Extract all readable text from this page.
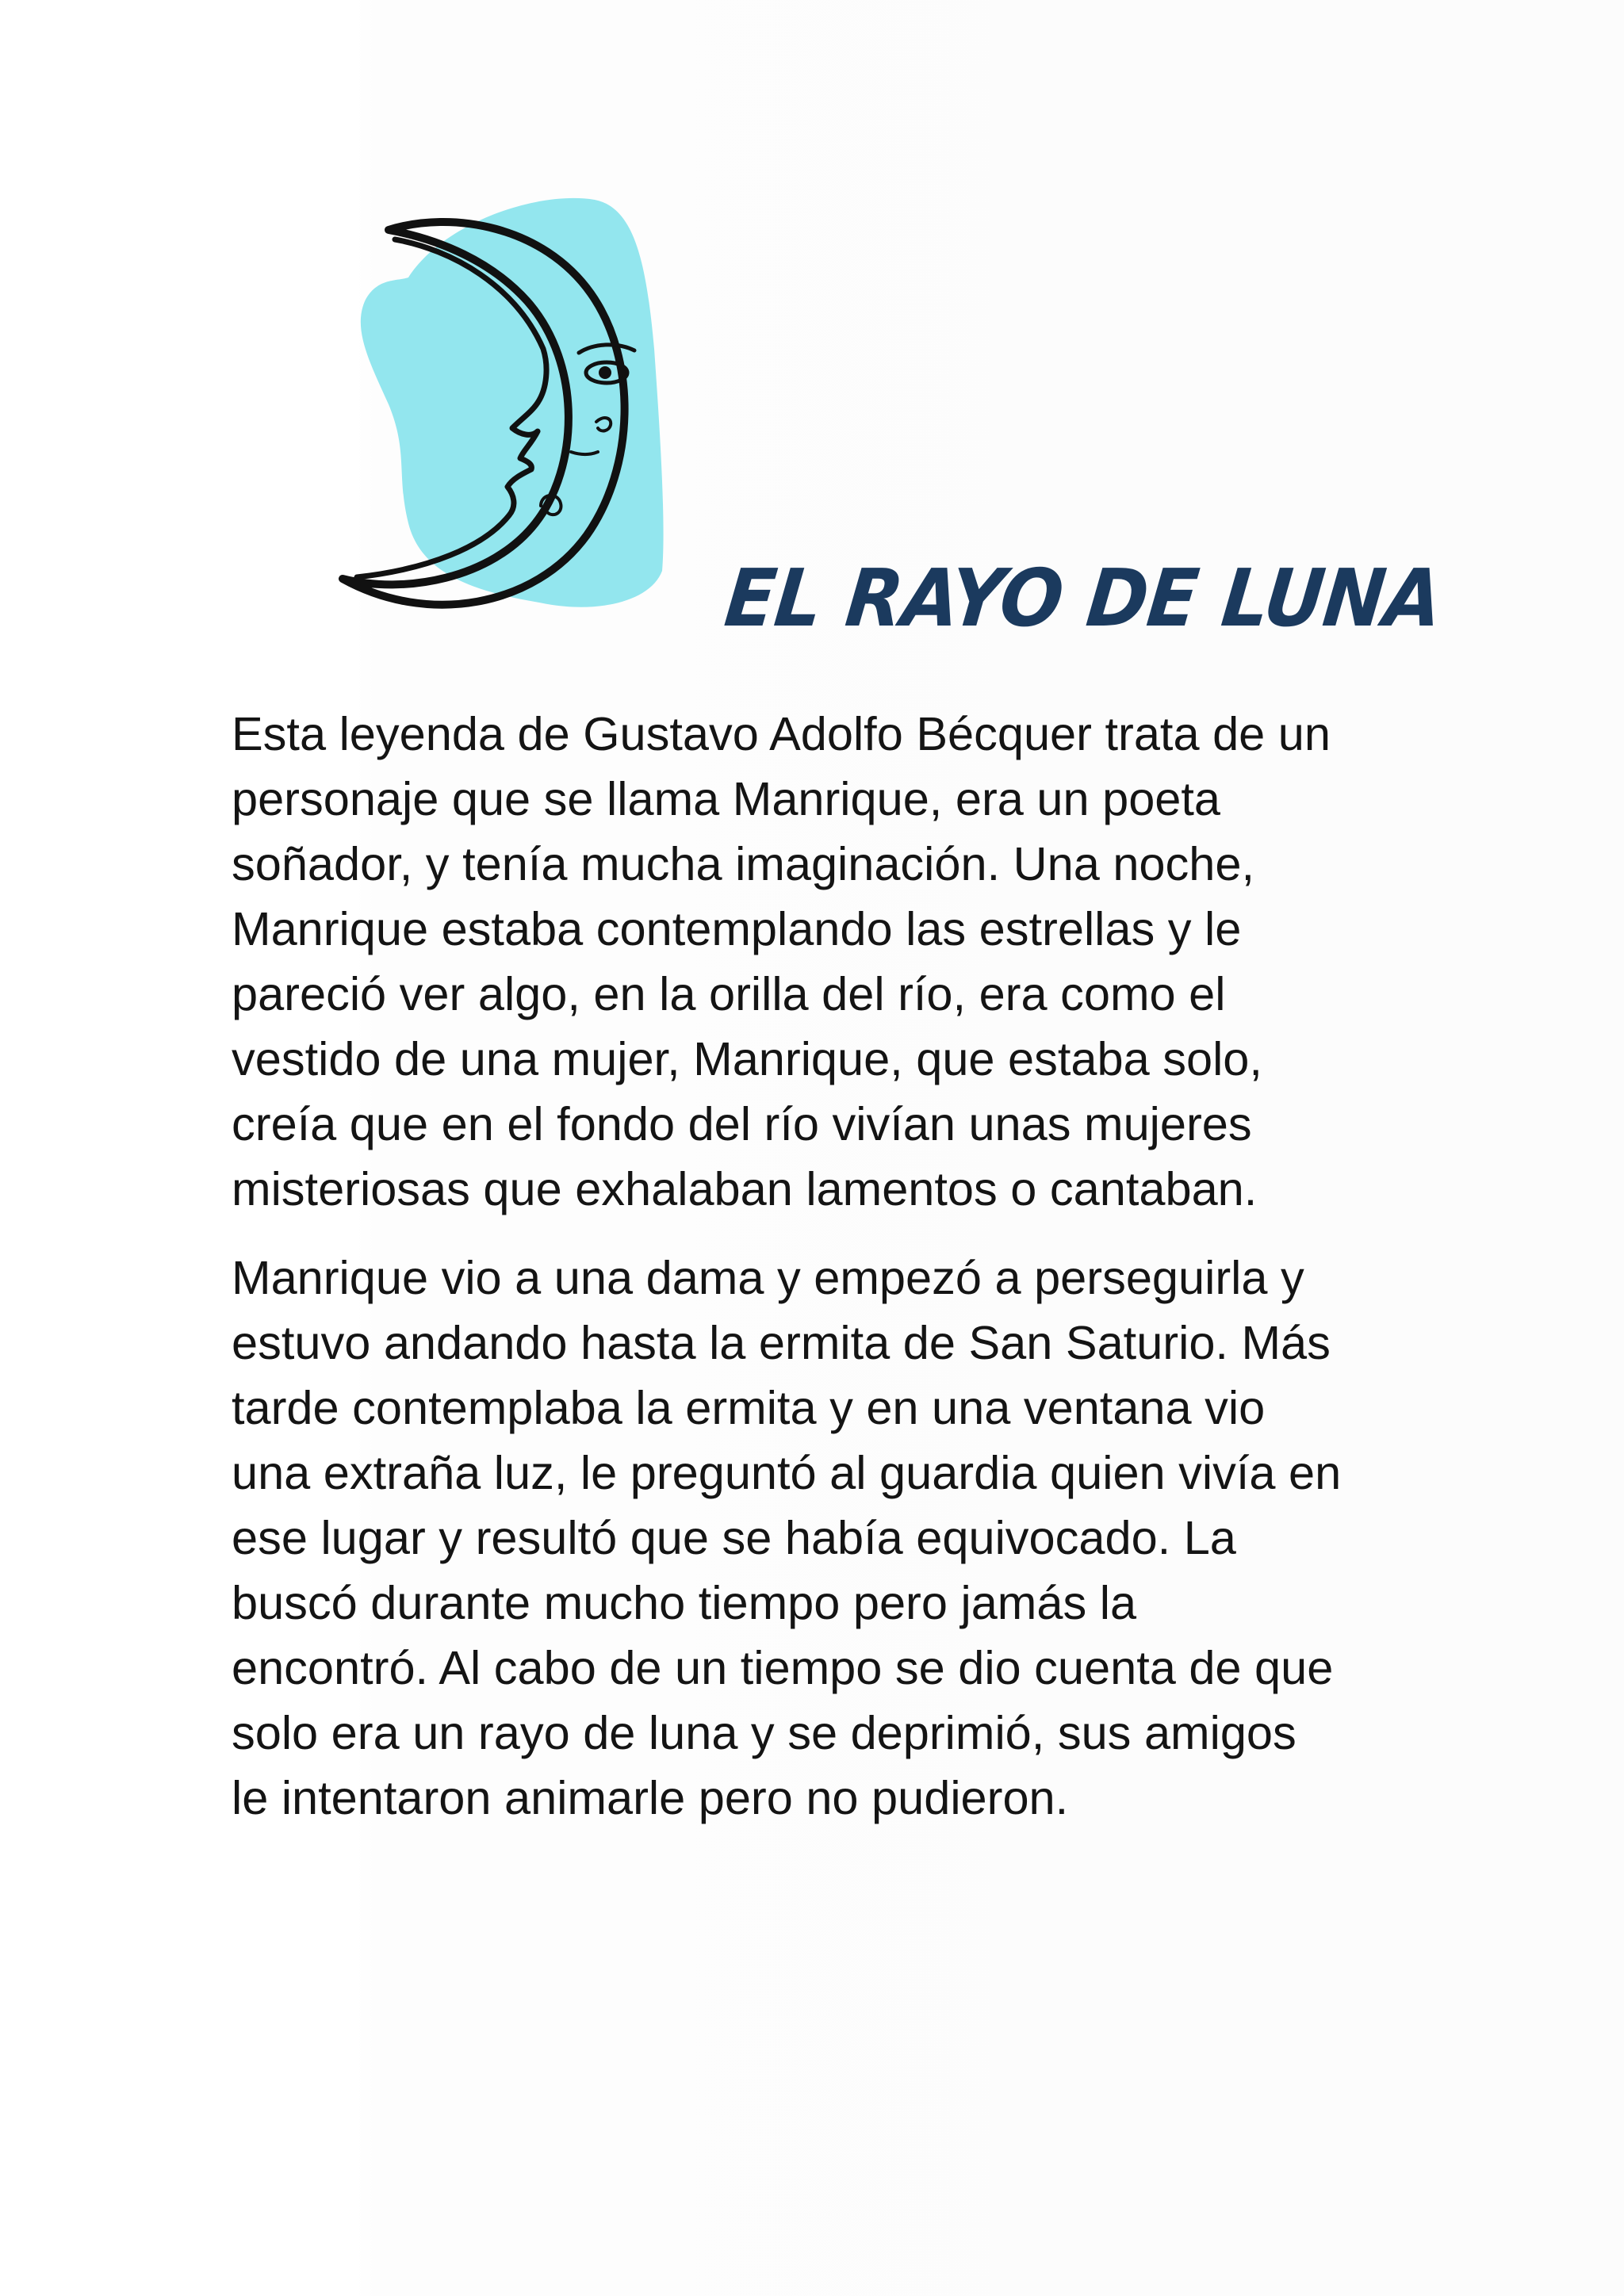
EL RAYO DE LUNA

Esta leyenda de Gustavo Adolfo Bécquer trata de un
personaje que se llama Manrique, era un poeta
soñador, y tenía mucha imaginación. Una noche,
Manrique estaba contemplando las estrellas y le
pareció ver algo, en la orilla del río, era como el
vestido de una mujer, Manrique, que estaba solo,
creía que en el fondo del río vivían unas mujeres
misteriosas que exhalaban lamentos o cantaban.

Manrique vio a una dama y empezó a perseguirla y
estuvo andando hasta la ermita de San Saturio. Más
tarde contemplaba la ermita y en una ventana vio
una extraña luz, le preguntó al guardia quien vivía en
ese lugar y resultó que se había equivocado. La
buscó durante mucho tiempo pero jamás la
encontró. Al cabo de un tiempo se dio cuenta de que
solo era un rayo de luna y se deprimió, sus amigos
le intentaron animarle pero no pudieron.
